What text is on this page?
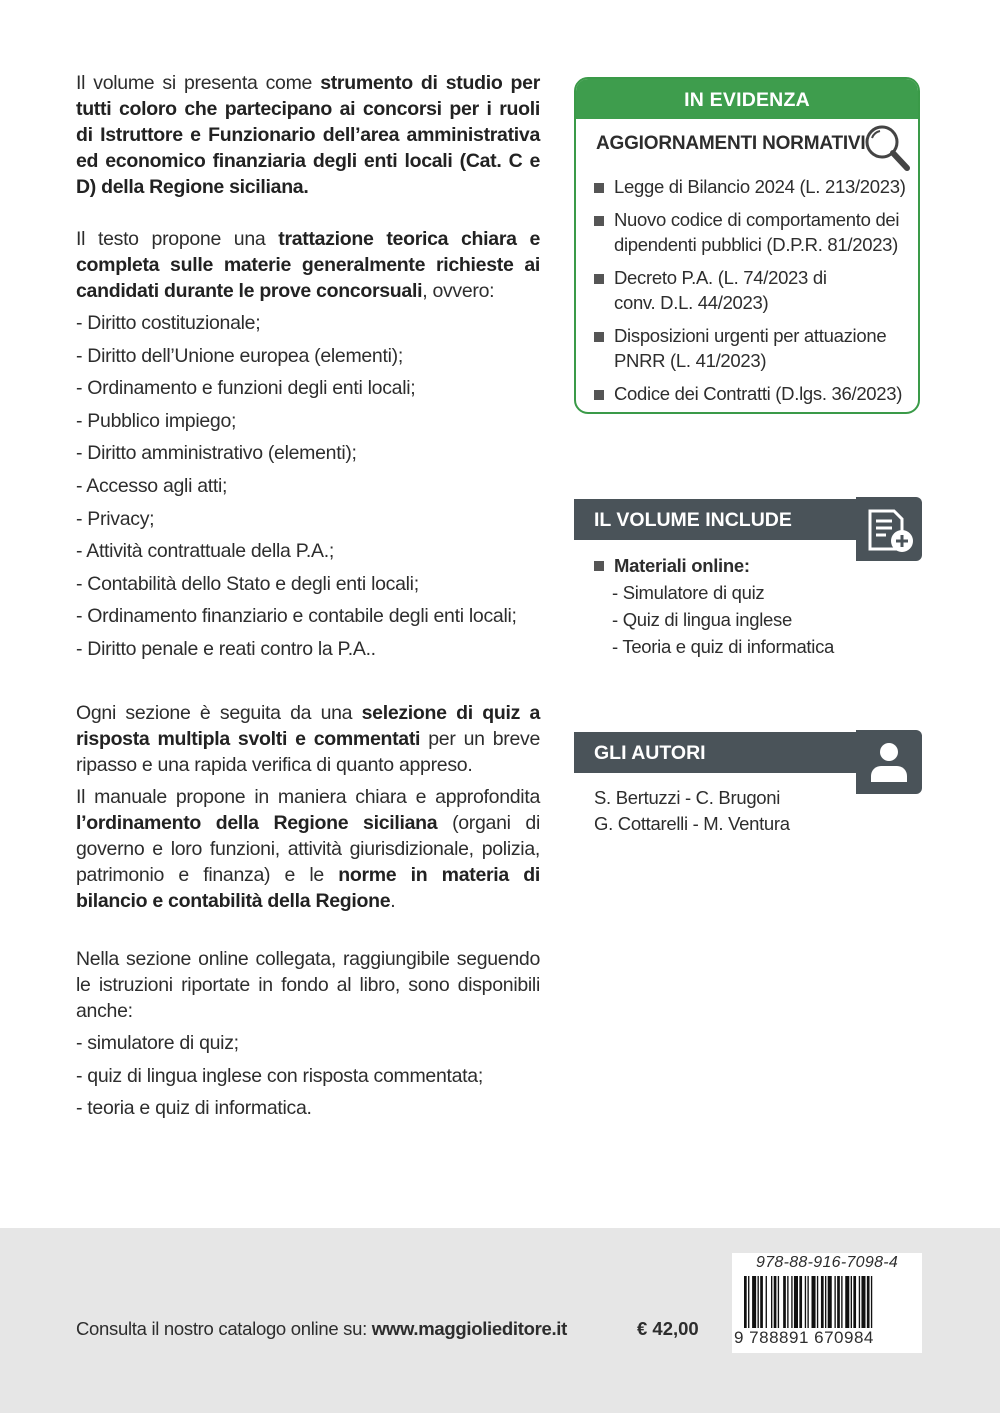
Il volume si presenta come strumento di studio per tutti coloro che partecipano ai concorsi per i ruoli di Istruttore e Funzionario dell’area amministrativa ed economico finanziaria degli enti locali (Cat. C e D) della Regione siciliana.

Il testo propone una trattazione teorica chiara e completa sulle materie generalmente richieste ai candidati durante le prove concorsuali, ovvero:

- Diritto costituzionale;
- Diritto dell’Unione europea (elementi);
- Ordinamento e funzioni degli enti locali;
- Pubblico impiego;
- Diritto amministrativo (elementi);
- Accesso agli atti;
- Privacy;
- Attività contrattuale della P.A.;
- Contabilità dello Stato e degli enti locali;
- Ordinamento finanziario e contabile degli enti locali;
- Diritto penale e reati contro la P.A..

Ogni sezione è seguita da una selezione di quiz a risposta multipla svolti e commentati per un breve ripasso e una rapida verifica di quanto appreso.

Il manuale propone in maniera chiara e approfondita l’ordinamento della Regione siciliana (organi di governo e loro funzioni, attività giurisdizionale, polizia, patrimonio e finanza) e le norme in materia di bilancio e contabilità della Regione.

Nella sezione online collegata, raggiungibile seguendo le istruzioni riportate in fondo al libro, sono disponibili anche:

- simulatore di quiz;
- quiz di lingua inglese con risposta commentata;
- teoria e quiz di informatica.
IN EVIDENZA
AGGIORNAMENTI NORMATIVI
Legge di Bilancio 2024 (L. 213/2023)
Nuovo codice di comportamento dei dipendenti pubblici (D.P.R. 81/2023)
Decreto P.A. (L. 74/2023 di conv. D.L. 44/2023)
Disposizioni urgenti per attuazione PNRR (L. 41/2023)
Codice dei Contratti (D.lgs. 36/2023)
IL VOLUME INCLUDE
Materiali online:
- Simulatore di quiz
- Quiz di lingua inglese
- Teoria e quiz di informatica
GLI AUTORI
S. Bertuzzi - C. Brugoni
G. Cottarelli - M. Ventura
Consulta il nostro catalogo online su: www.maggiolieditore.it	€ 42,00
978-88-916-7098-4
9 788891 670984
